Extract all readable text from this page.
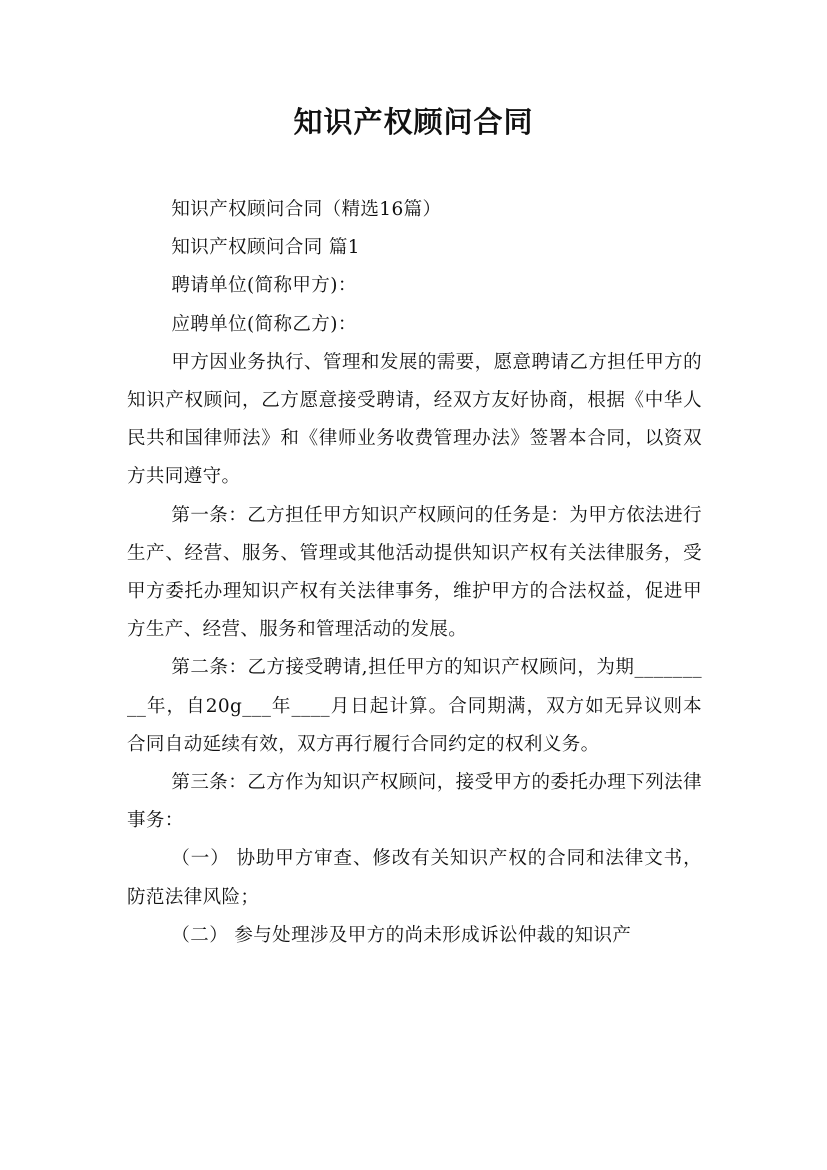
知识产权顾问合同

知识产权顾问合同（精选16篇）

知识产权顾问合同 篇1

聘请单位(简称甲方)：

应聘单位(简称乙方)：

甲方因业务执行、管理和发展的需要，愿意聘请乙方担任甲方的知识产权顾问，乙方愿意接受聘请，经双方友好协商，根据《中华人民共和国律师法》和《律师业务收费管理办法》签署本合同，以资双方共同遵守。

第一条：乙方担任甲方知识产权顾问的任务是：为甲方依法进行生产、经营、服务、管理或其他活动提供知识产权有关法律服务，受甲方委托办理知识产权有关法律事务，维护甲方的合法权益，促进甲方生产、经营、服务和管理活动的发展。

第二条：乙方接受聘请,担任甲方的知识产权顾问，为期_________年，自20g___年____月日起计算。合同期满，双方如无异议则本合同自动延续有效，双方再行履行合同约定的权利义务。

第三条：乙方作为知识产权顾问，接受甲方的委托办理下列法律事务：

（一） 协助甲方审查、修改有关知识产权的合同和法律文书，防范法律风险；

（二） 参与处理涉及甲方的尚未形成诉讼仲裁的知识产
